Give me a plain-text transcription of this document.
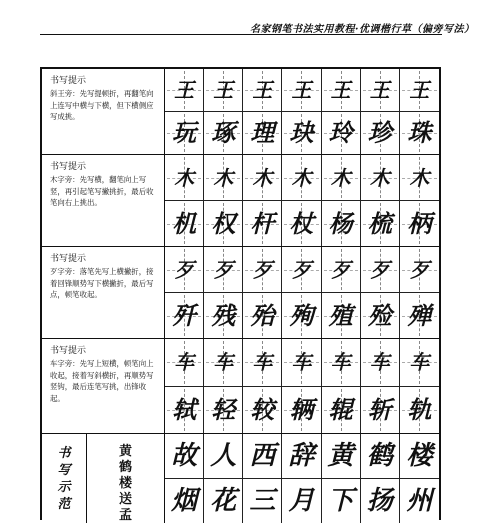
名家钢笔书法实用教程·优调楷行草（偏旁写法）
书写提示
斜王旁：先写提顿折，再翻笔向上连写中横与下横，但下横侧应写成挑。
王
玩
王
琢
王
理
王
玦
王
玲
王
珍
王
珠
书写提示
木字旁：先写横，翻笔向上写竖，再引起笔写撇挑折，最后收笔向右上挑出。
木
机
木
权
木
杆
木
杖
木
杨
木
梳
木
柄
书写提示
歹字旁：落笔先写上横撇折，接着回锋顺势写下横撇折，最后写点，顿笔收起。
歹
歼
歹
残
歹
殆
歹
殉
歹
殖
歹
殓
歹
殚
书写提示
车字旁：先写上短横，顿笔向上收起，接着写斜横折，再顺势写竖钩，最后连笔写挑，出锋收起。
车
轼
车
轻
车
较
车
辆
车
辊
车
斩
车
轨
书
写
示
范
黄
鹤
楼
送
孟
故 人 西 辞 黄 鹤 楼
烟 花 三 月 下 扬 州
